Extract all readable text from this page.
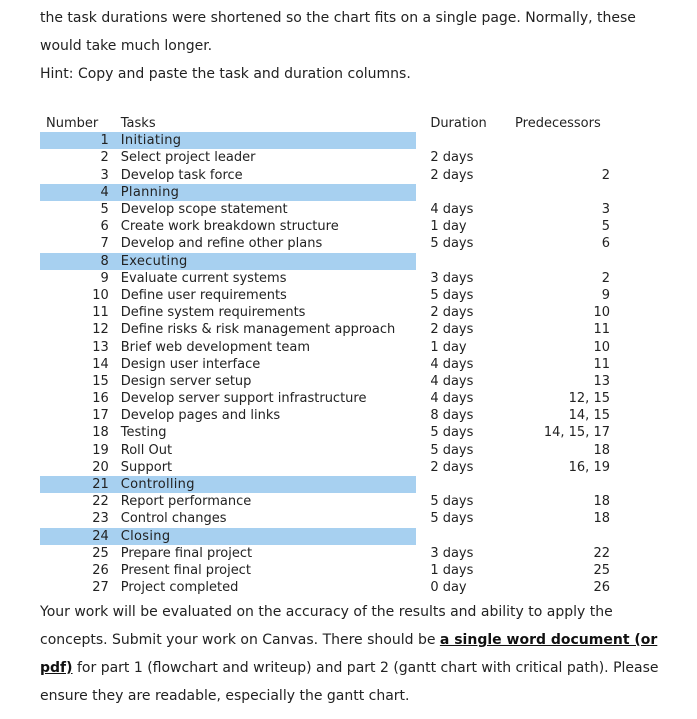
the task durations were shortened so the chart fits on a single page. Normally, these would take much longer.

Hint: Copy and paste the task and duration columns.

Number	Tasks	Duration	Predecessors
1	Initiating		
2	Select project leader	2 days	
3	Develop task force	2 days	2
4	Planning		
5	Develop scope statement	4 days	3
6	Create work breakdown structure	1 day	5
7	Develop and refine other plans	5 days	6
8	Executing		
9	Evaluate current systems	3 days	2
10	Define user requirements	5 days	9
11	Define system requirements	2 days	10
12	Define risks & risk management approach	2 days	11
13	Brief web development team	1 day	10
14	Design user interface	4 days	11
15	Design server setup	4 days	13
16	Develop server support infrastructure	4 days	12, 15
17	Develop pages and links	8 days	14, 15
18	Testing	5 days	14, 15, 17
19	Roll Out	5 days	18
20	Support	2 days	16, 19
21	Controlling		
22	Report performance	5 days	18
23	Control changes	5 days	18
24	Closing		
25	Prepare final project	3 days	22
26	Present final project	1 days	25
27	Project completed	0 day	26

Your work will be evaluated on the accuracy of the results and ability to apply the concepts. Submit your work on Canvas. There should be a single word document (or pdf) for part 1 (flowchart and writeup) and part 2 (gantt chart with critical path). Please ensure they are readable, especially the gantt chart.
